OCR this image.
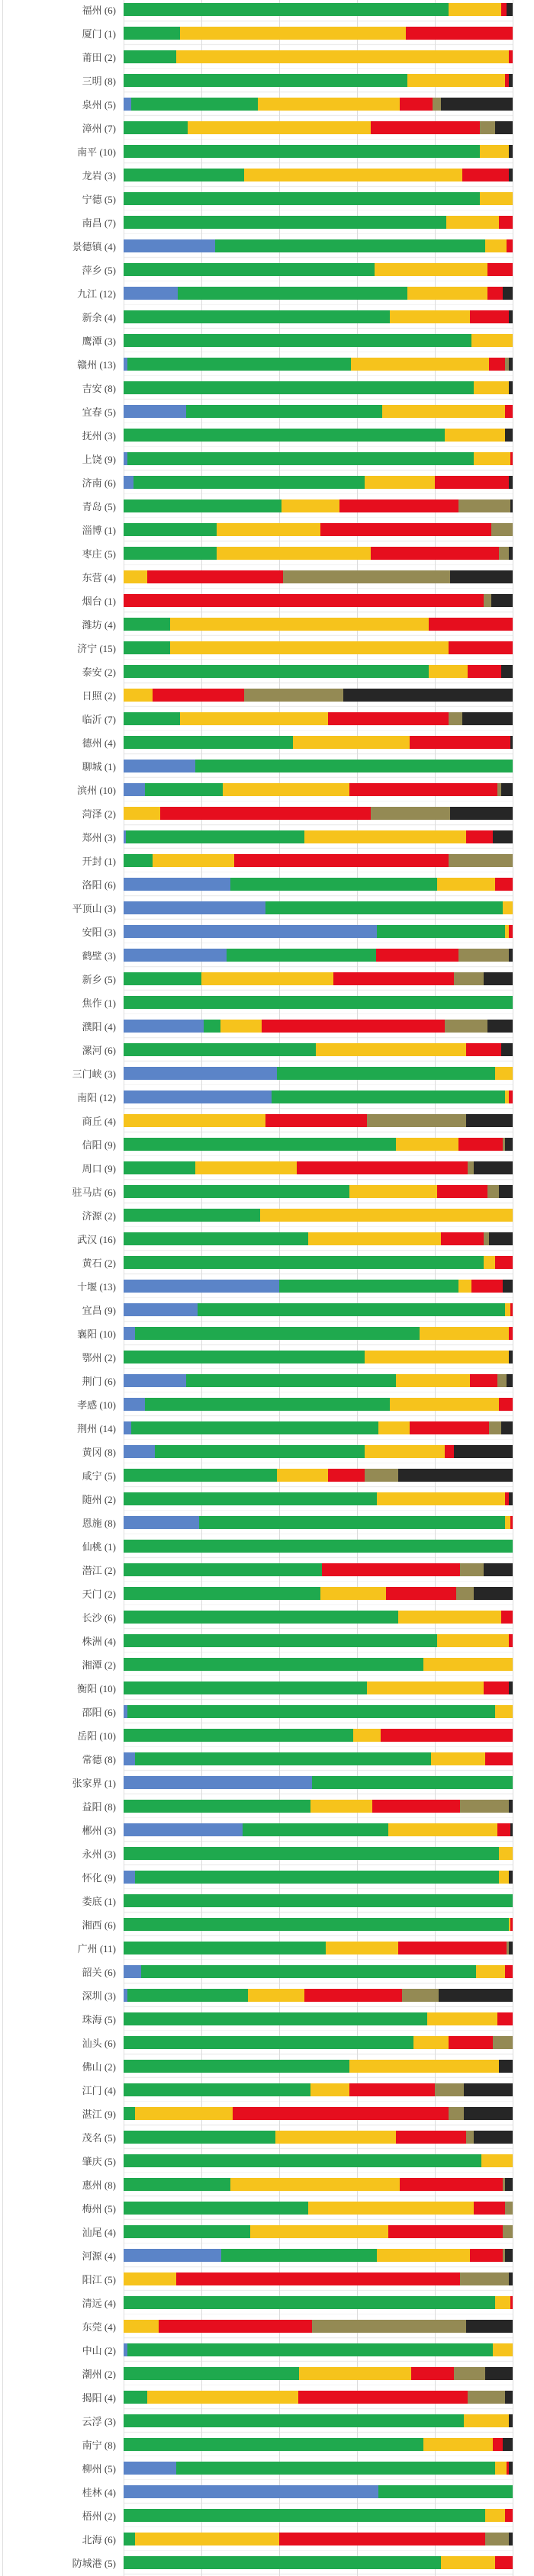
福州 (6)
厦门 (1)
莆田 (2)
三明 (8)
泉州 (5)
漳州 (7)
南平 (10)
龙岩 (3)
宁德 (5)
南昌 (7)
景德镇 (4)
萍乡 (5)
九江 (12)
新余 (4)
鹰潭 (3)
赣州 (13)
吉安 (8)
宜春 (5)
抚州 (3)
上饶 (9)
济南 (6)
青岛 (5)
淄博 (1)
枣庄 (5)
东营 (4)
烟台 (1)
潍坊 (4)
济宁 (15)
泰安 (2)
日照 (2)
临沂 (7)
德州 (4)
聊城 (1)
滨州 (10)
菏泽 (2)
郑州 (3)
开封 (1)
洛阳 (6)
平顶山 (3)
安阳 (3)
鹤壁 (3)
新乡 (5)
焦作 (1)
濮阳 (4)
漯河 (6)
三门峡 (3)
南阳 (12)
商丘 (4)
信阳 (9)
周口 (9)
驻马店 (6)
济源 (2)
武汉 (16)
黄石 (2)
十堰 (13)
宜昌 (9)
襄阳 (10)
鄂州 (2)
荆门 (6)
孝感 (10)
荆州 (14)
黄冈 (8)
咸宁 (5)
随州 (2)
恩施 (8)
仙桃 (1)
潜江 (2)
天门 (2)
长沙 (6)
株洲 (4)
湘潭 (2)
衡阳 (10)
邵阳 (6)
岳阳 (10)
常德 (8)
张家界 (1)
益阳 (8)
郴州 (3)
永州 (3)
怀化 (9)
娄底 (1)
湘西 (6)
广州 (11)
韶关 (6)
深圳 (3)
珠海 (5)
汕头 (6)
佛山 (2)
江门 (4)
湛江 (9)
茂名 (5)
肇庆 (5)
惠州 (8)
梅州 (5)
汕尾 (4)
河源 (4)
阳江 (5)
清远 (4)
东莞 (4)
中山 (2)
潮州 (2)
揭阳 (4)
云浮 (3)
南宁 (8)
柳州 (5)
桂林 (4)
梧州 (2)
北海 (6)
防城港 (5)
